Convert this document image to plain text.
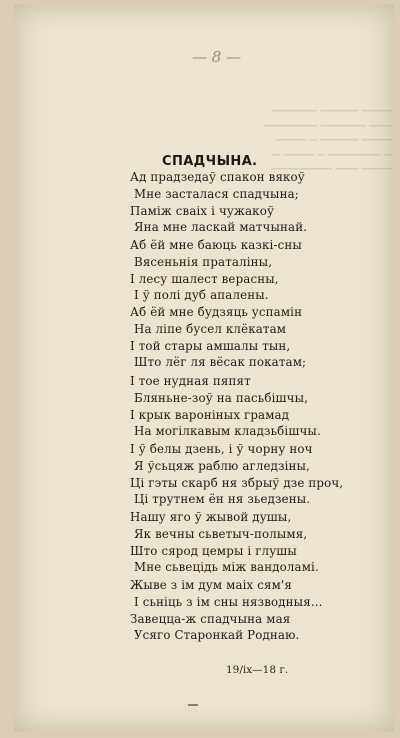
— 8 —

▁▁▁▁ ▁▁▁▁▁ ▁▁▁▁▁▁
▁▁▁ ▁▁▁▁▁▁ ▁▁▁▁▁▁▁
▁▁▁▁ ▁▁▁▁▁ ▁ ▁▁▁▁
▁ ▁▁▁▁▁▁▁ ▁ ▁▁▁▁ ▁
▁▁▁▁ ▁▁▁ ▁▁▁▁▁▁▁▁

СПАДЧЫНА.
Ад прадзедаў спакон вякоў
Мне засталася спадчына;
Паміж сваіх і чужакоў
Яна мне ласкай матчынай.
Аб ёй мне баюць казкі-сны
Вясеньнія праталіны,
І лесу шалест верасны,
І ў полі дуб апалены.
Аб ёй мне будзяць успамін
На ліпе бусел клёкатам
І той стары амшалы тын,
Што лёг ля вёсак покатам;
І тое нудная пяпят
Бляньне-зоў на пасьбішчы,
І крык вароніных грамад
На могілкавым кладзьбішчы.
І ў белы дзень, і ў чорну ноч
Я ўсьцяж раблю агледзіны,
Ці гэты скарб ня збрыў дзе проч,
Ці трутнем ён ня зьедзены.
Нашу яго ў жывой душы,
Як вечны сьветыч-полымя,
Што сярод цемры і глушы
Мне сьвецідь між вандоламі.
Жыве з ім дум маіх сям'я
І сьніць з ім сны нязводныя...
Завецца-ж спадчына мая
Усяго Старонкай Роднаю.
19/ix—18 г.
